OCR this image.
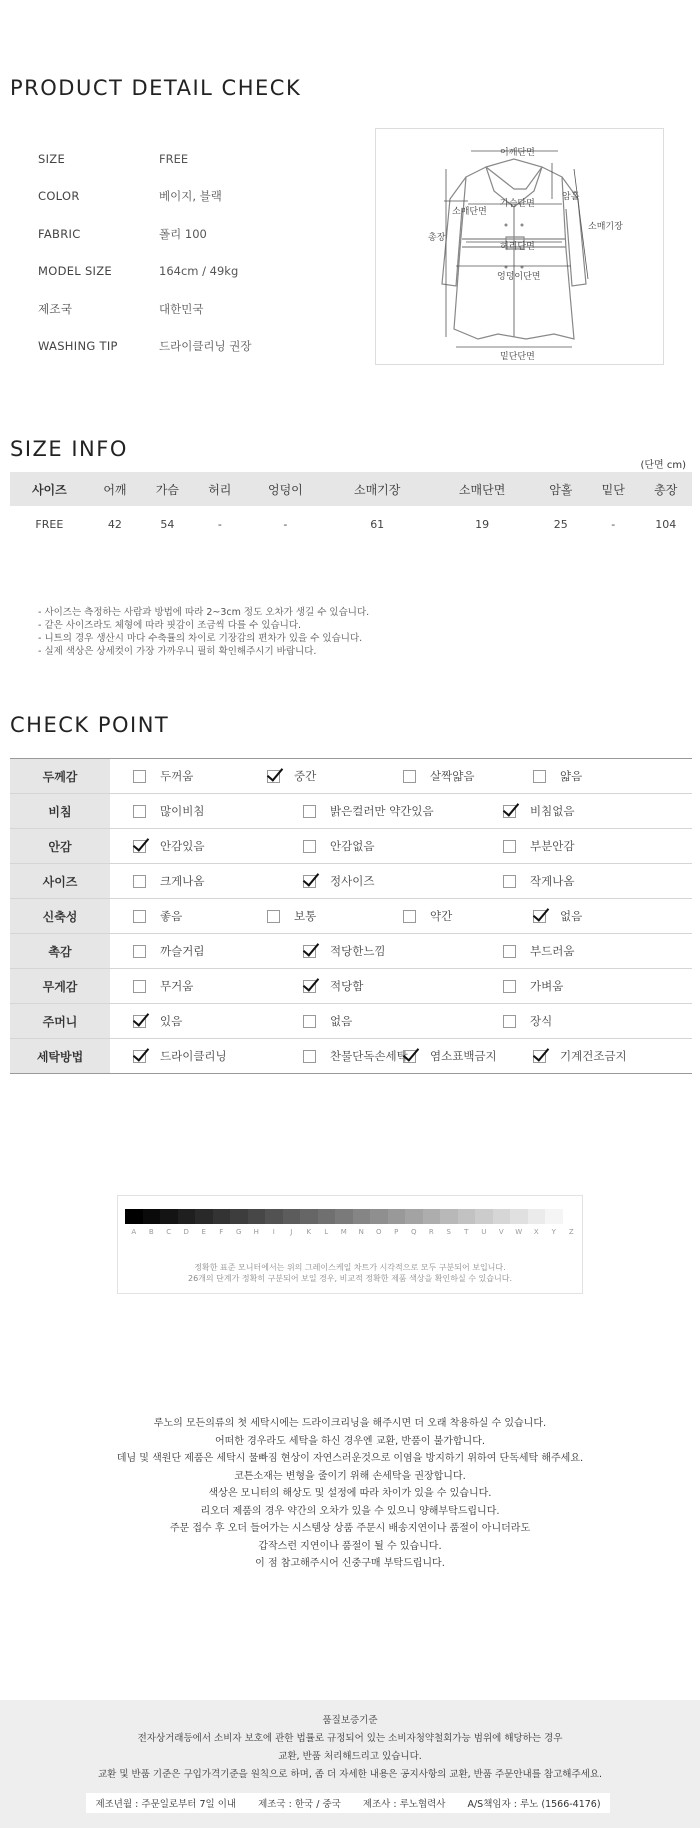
PRODUCT DETAIL CHECK
SIZE	FREE
COLOR	베이지, 블랙
FABRIC	폴리 100
MODEL SIZE	164cm / 49kg
제조국	대한민국
WASHING TIP	드라이클리닝 권장
어깨단면
가슴단면
암홀
소매단면
소매기장
허리단면
엉덩이단면
총장
밑단단면
SIZE INFO
(단면 cm)
사이즈	어깨	가슴	허리	엉덩이	소매기장	소매단면	암홀	밑단	총장
FREE	42	54	-	-	61	19	25	-	104
- 사이즈는 측정하는 사람과 방법에 따라 2~3cm 정도 오차가 생길 수 있습니다.
- 같은 사이즈라도 체형에 따라 핏감이 조금씩 다를 수 있습니다.
- 니트의 경우 생산시 마다 수축률의 차이로 기장감의 편차가 있을 수 있습니다.
- 실제 색상은 상세컷이 가장 가까우니 필히 확인해주시기 바랍니다.
CHECK POINT
두께감	두꺼움 중간 살짝얇음 얇음

비침	많이비침 밝은컬러만 약간있음 비침없음

안감	안감있음 안감없음 부분안감

사이즈	크게나옴 정사이즈 작게나옴

신축성	좋음 보통 약간 없음

촉감	까슬거림 적당한느낌 부드러움

무게감	무거움 적당함 가벼움

주머니	있음 없음 장식

세탁방법	드라이클리닝 찬물단독손세탁 염소표백금지 기계건조금지
A	B	C	D	E	F	G	H	I	J	K	L	M	N	O	P	Q	R	S	T	U	V	W	X	Y	Z
정확한 표준 모니터에서는 위의 그레이스케일 차트가 시각적으로 모두 구분되어 보입니다.
26개의 단계가 정확히 구분되어 보일 경우, 비교적 정확한 제품 색상을 확인하실 수 있습니다.
루노의 모든의류의 첫 세탁시에는 드라이크리닝을 해주시면 더 오래 착용하실 수 있습니다.
어떠한 경우라도 세탁을 하신 경우엔 교환, 반품이 불가합니다.
데님 및 색원단 제품은 세탁시 물빠짐 현상이 자연스러운것으로 이염을 방지하기 위하여 단독세탁 해주세요.
코튼소재는 변형을 줄이기 위해 손세탁을 권장합니다.
색상은 모니터의 해상도 및 설정에 따라 차이가 있을 수 있습니다.
리오더 제품의 경우 약간의 오차가 있을 수 있으니 양해부탁드립니다.
주문 접수 후 오더 들어가는 시스템상 상품 주문시 배송지연이나 품절이 아니더라도
갑작스런 지연이나 품절이 될 수 있습니다.
이 점 참고해주시어 신중구매 부탁드립니다.
품질보증기준
전자상거래등에서 소비자 보호에 관한 법률로 규정되어 있는 소비자청약철회가능 범위에 해당하는 경우
교환, 반품 처리해드리고 있습니다.
교환 및 반품 기준은 구입가격기준을 원칙으로 하며, 좀 더 자세한 내용은 공지사항의 교환, 반품 주문안내를 참고해주세요.
제조년월 : 주문일로부터 7일 이내 제조국 : 한국 / 중국 제조사 : 루노협력사 A/S책임자 : 루노 (1566-4176)
